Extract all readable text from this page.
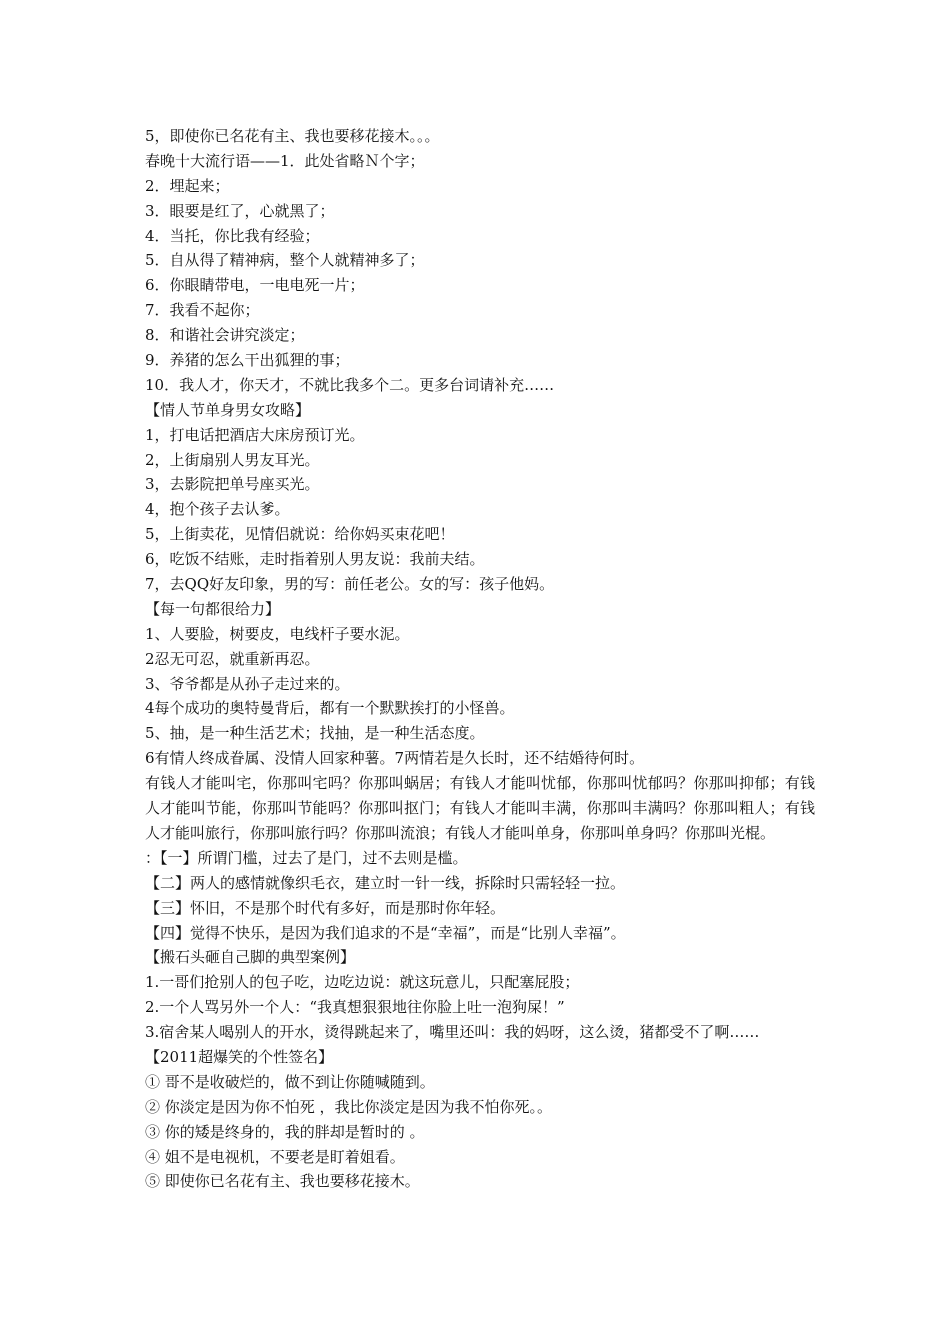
5，即使你已名花有主、我也要移花接木。。。
春晚十大流行语——1．此处省略Ｎ个字；
2．埋起来；
3．眼要是红了，心就黑了；
4．当托，你比我有经验；
5．自从得了精神病，整个人就精神多了；
6．你眼睛带电，一电电死一片；
7．我看不起你；
8．和谐社会讲究淡定；
9．养猪的怎么干出狐狸的事；
10．我人才，你天才，不就比我多个二。更多台词请补充……
【情人节单身男女攻略】
1，打电话把酒店大床房预订光。
2，上街扇别人男友耳光。
3，去影院把单号座买光。
4，抱个孩子去认爹。
5，上街卖花，见情侣就说：给你妈买束花吧！
6，吃饭不结账，走时指着别人男友说：我前夫结。
7，去QQ好友印象，男的写：前任老公。女的写：孩子他妈。
【每一句都很给力】
1、人要脸，树要皮，电线杆子要水泥。
2忍无可忍，就重新再忍。
3、爷爷都是从孙子走过来的。
4每个成功的奥特曼背后，都有一个默默挨打的小怪兽。
5、抽，是一种生活艺术；找抽，是一种生活态度。
6有情人终成眷属、没情人回家种薯。7两情若是久长时，还不结婚待何时。
有钱人才能叫宅，你那叫宅吗？你那叫蜗居；有钱人才能叫忧郁，你那叫忧郁吗？你那叫抑郁；有钱人才能叫节能，你那叫节能吗？你那叫抠门；有钱人才能叫丰满，你那叫丰满吗？你那叫粗人；有钱人才能叫旅行，你那叫旅行吗？你那叫流浪；有钱人才能叫单身，你那叫单身吗？你那叫光棍。
：【一】所谓门槛，过去了是门，过不去则是槛。
【二】两人的感情就像织毛衣，建立时一针一线，拆除时只需轻轻一拉。
【三】怀旧，不是那个时代有多好，而是那时你年轻。
【四】觉得不快乐，是因为我们追求的不是“幸福”，而是“比别人幸福”。
【搬石头砸自己脚的典型案例】
1.一哥们抢别人的包子吃，边吃边说：就这玩意儿，只配塞屁股；
2.一个人骂另外一个人：“我真想狠狠地往你脸上吐一泡狗屎！”
3.宿舍某人喝别人的开水，烫得跳起来了，嘴里还叫：我的妈呀，这么烫，猪都受不了啊……
【2011超爆笑的个性签名】
① 哥不是收破烂的，做不到让你随喊随到。
② 你淡定是因为你不怕死 ，我比你淡定是因为我不怕你死。。
③ 你的矮是终身的，我的胖却是暂时的 。
④ 姐不是电视机，不要老是盯着姐看。
⑤ 即使你已名花有主、我也要移花接木。
